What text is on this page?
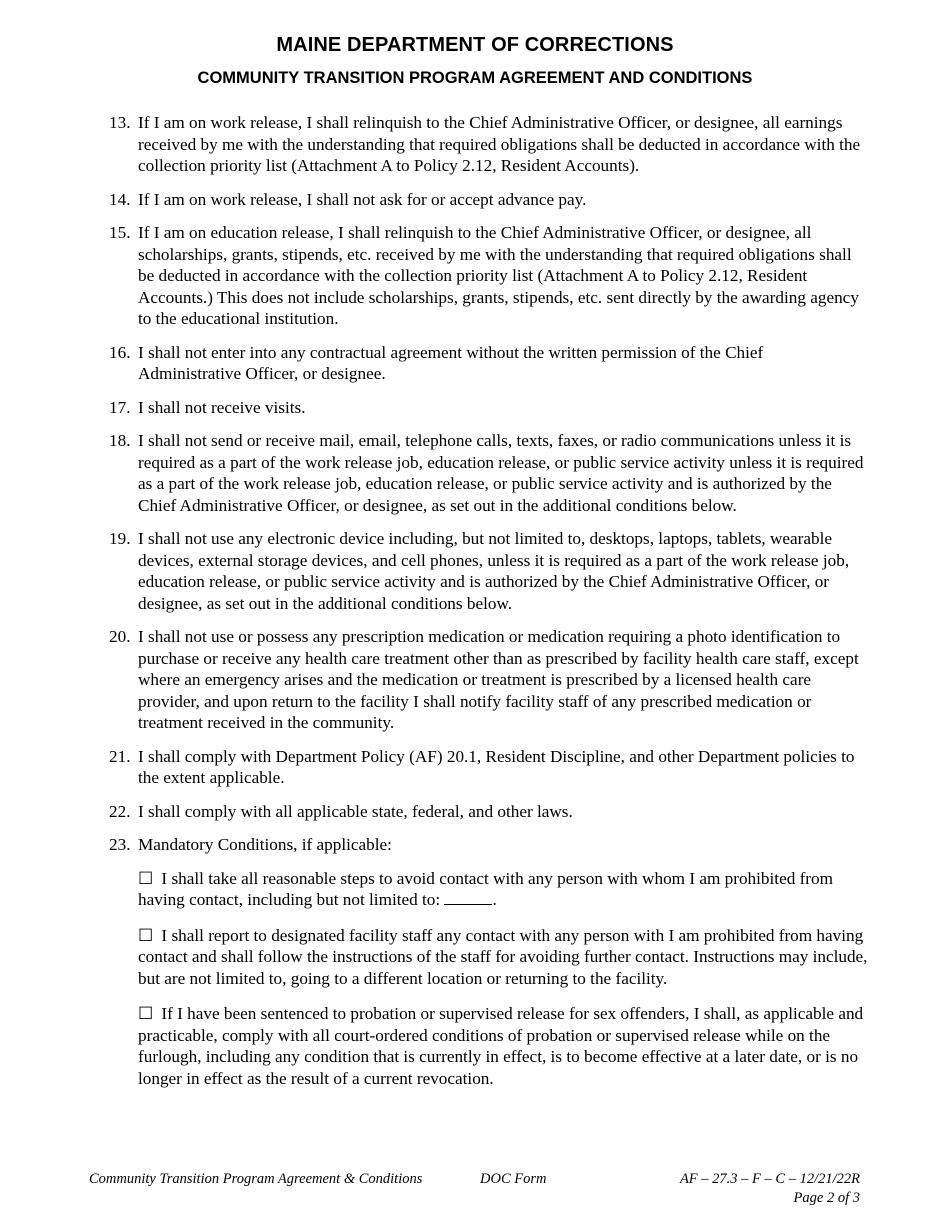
MAINE DEPARTMENT OF CORRECTIONS
COMMUNITY TRANSITION PROGRAM AGREEMENT AND CONDITIONS
13. If I am on work release, I shall relinquish to the Chief Administrative Officer, or designee, all earnings received by me with the understanding that required obligations shall be deducted in accordance with the collection priority list (Attachment A to Policy 2.12, Resident Accounts).
14. If I am on work release, I shall not ask for or accept advance pay.
15. If I am on education release, I shall relinquish to the Chief Administrative Officer, or designee, all scholarships, grants, stipends, etc. received by me with the understanding that required obligations shall be deducted in accordance with the collection priority list (Attachment A to Policy 2.12, Resident Accounts.) This does not include scholarships, grants, stipends, etc. sent directly by the awarding agency to the educational institution.
16. I shall not enter into any contractual agreement without the written permission of the Chief Administrative Officer, or designee.
17. I shall not receive visits.
18. I shall not send or receive mail, email, telephone calls, texts, faxes, or radio communications unless it is required as a part of the work release job, education release, or public service activity unless it is required as a part of the work release job, education release, or public service activity and is authorized by the Chief Administrative Officer, or designee, as set out in the additional conditions below.
19. I shall not use any electronic device including, but not limited to, desktops, laptops, tablets, wearable devices, external storage devices, and cell phones, unless it is required as a part of the work release job, education release, or public service activity and is authorized by the Chief Administrative Officer, or designee, as set out in the additional conditions below.
20. I shall not use or possess any prescription medication or medication requiring a photo identification to purchase or receive any health care treatment other than as prescribed by facility health care staff, except where an emergency arises and the medication or treatment is prescribed by a licensed health care provider, and upon return to the facility I shall notify facility staff of any prescribed medication or treatment received in the community.
21. I shall comply with Department Policy (AF) 20.1, Resident Discipline, and other Department policies to the extent applicable.
22. I shall comply with all applicable state, federal, and other laws.
23. Mandatory Conditions, if applicable:
☐ I shall take all reasonable steps to avoid contact with any person with whom I am prohibited from having contact, including but not limited to:	.
☐ I shall report to designated facility staff any contact with any person with I am prohibited from having contact and shall follow the instructions of the staff for avoiding further contact. Instructions may include, but are not limited to, going to a different location or returning to the facility.
☐ If I have been sentenced to probation or supervised release for sex offenders, I shall, as applicable and practicable, comply with all court-ordered conditions of probation or supervised release while on the furlough, including any condition that is currently in effect, is to become effective at a later date, or is no longer in effect as the result of a current revocation.
Community Transition Program Agreement & Conditions	DOC Form	AF – 27.3 – F – C – 12/21/22R
Page 2 of 3
